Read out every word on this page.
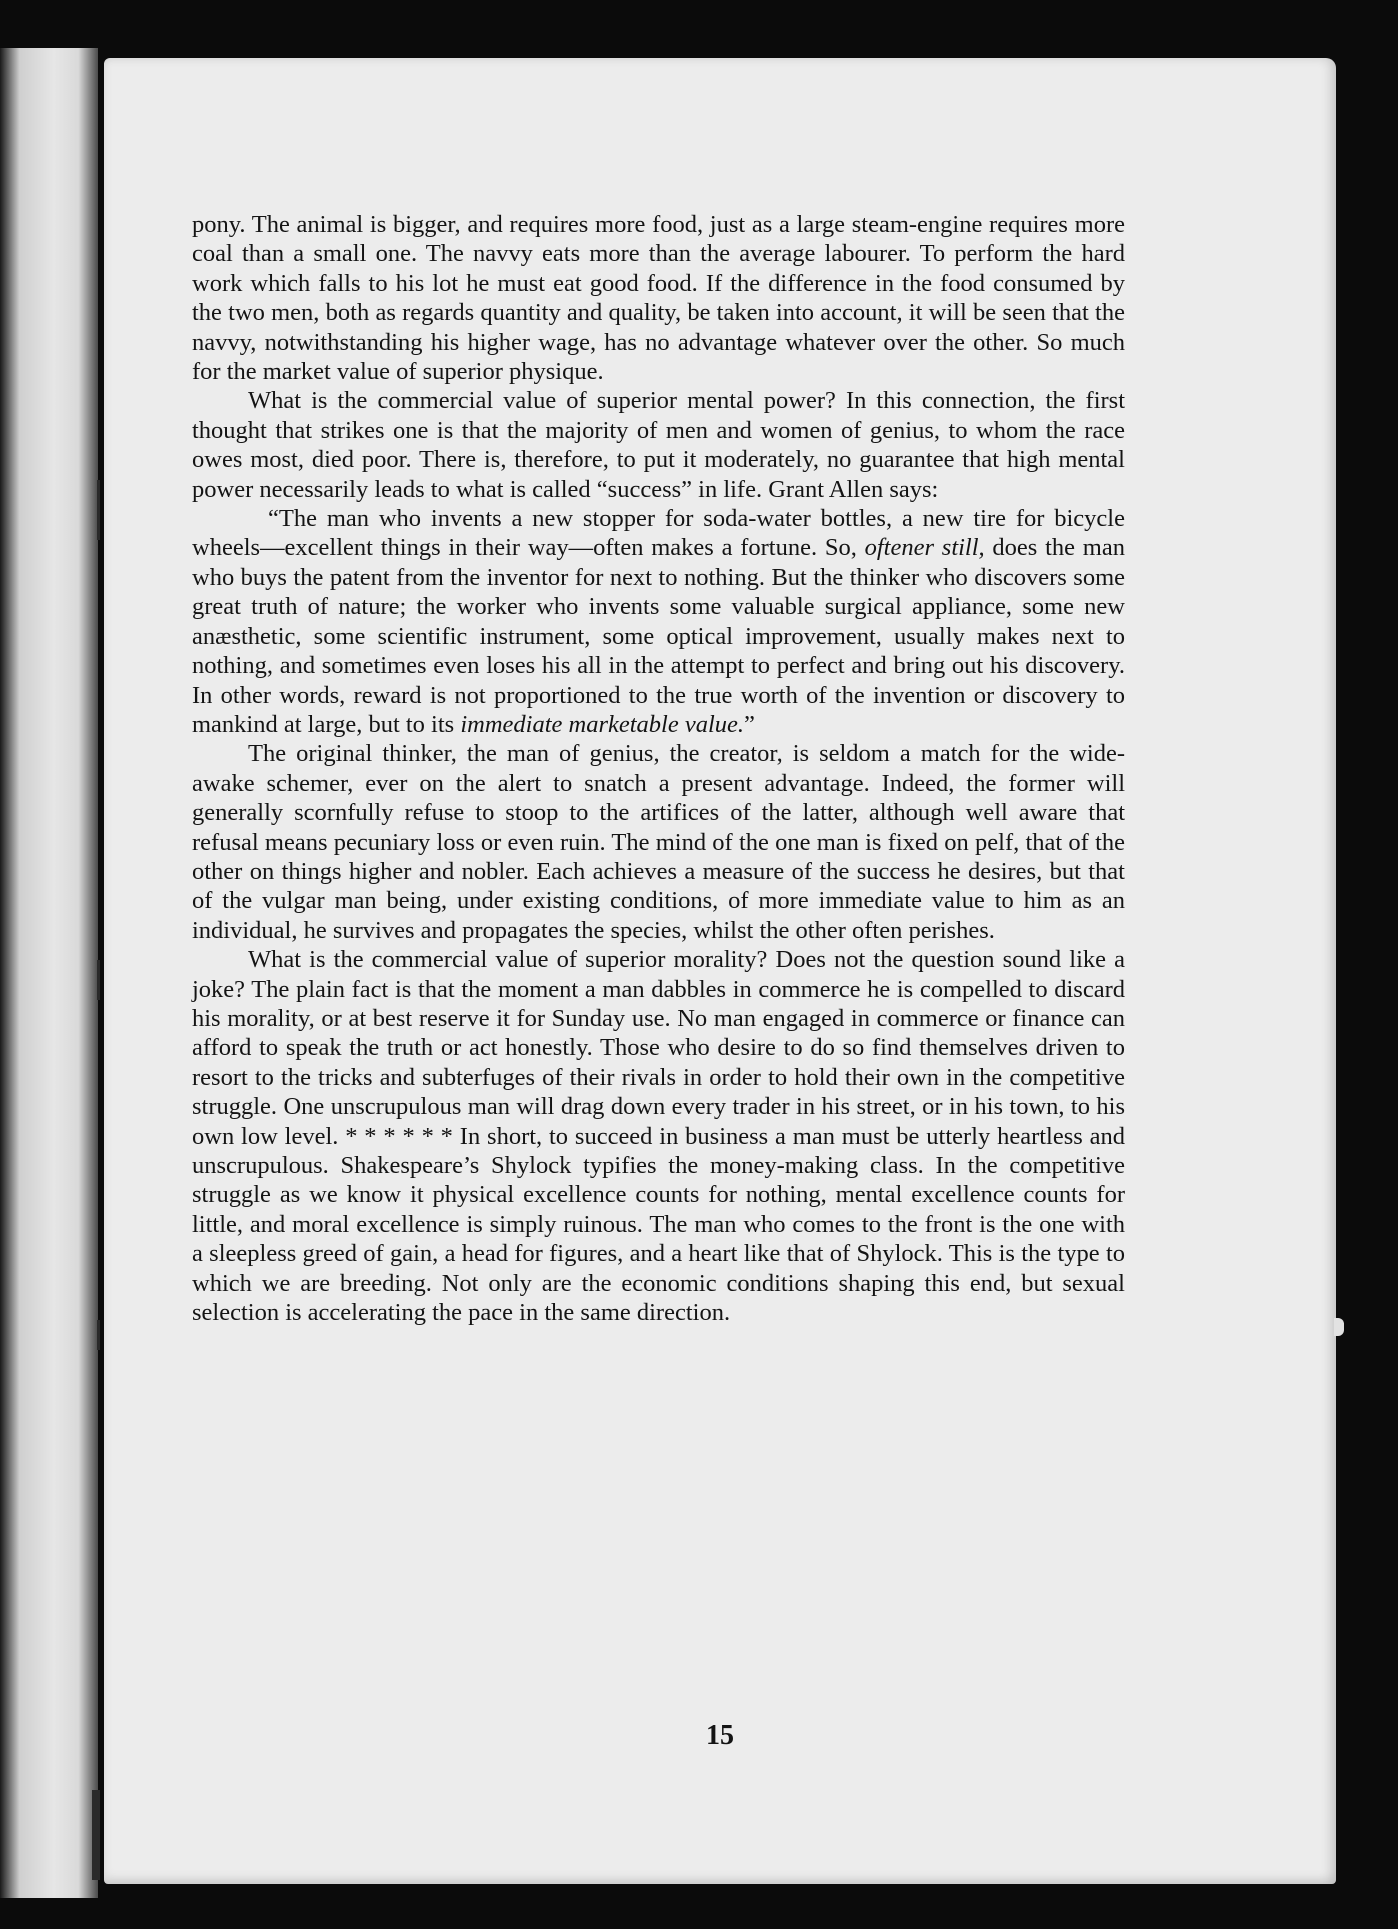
pony. The animal is bigger, and requires more food, just as a large steam-engine requires more coal than a small one. The navvy eats more than the average labourer. To perform the hard work which falls to his lot he must eat good food. If the difference in the food consumed by the two men, both as regards quantity and quality, be taken into account, it will be seen that the navvy, notwithstanding his higher wage, has no advantage whatever over the other. So much for the market value of superior physique.

What is the commercial value of superior mental power? In this connection, the first thought that strikes one is that the majority of men and women of genius, to whom the race owes most, died poor. There is, therefore, to put it moderately, no guarantee that high mental power necessarily leads to what is called “success” in life. Grant Allen says:

“The man who invents a new stopper for soda-water bottles, a new tire for bicycle wheels—excellent things in their way—often makes a fortune. So, oftener still, does the man who buys the patent from the inventor for next to nothing. But the thinker who discovers some great truth of nature; the worker who invents some valuable surgical appliance, some new anæsthetic, some scientific instrument, some optical improvement, usually makes next to nothing, and sometimes even loses his all in the attempt to perfect and bring out his discovery. In other words, reward is not proportioned to the true worth of the invention or discovery to mankind at large, but to its immediate marketable value.”

The original thinker, the man of genius, the creator, is seldom a match for the wide-awake schemer, ever on the alert to snatch a present advantage. Indeed, the former will generally scornfully refuse to stoop to the artifices of the latter, although well aware that refusal means pecuniary loss or even ruin. The mind of the one man is fixed on pelf, that of the other on things higher and nobler. Each achieves a measure of the success he desires, but that of the vulgar man being, under existing conditions, of more immediate value to him as an individual, he survives and propagates the species, whilst the other often perishes.

What is the commercial value of superior morality? Does not the question sound like a joke? The plain fact is that the moment a man dabbles in commerce he is compelled to discard his morality, or at best reserve it for Sunday use. No man engaged in commerce or finance can afford to speak the truth or act honestly. Those who desire to do so find themselves driven to resort to the tricks and subterfuges of their rivals in order to hold their own in the competitive struggle. One unscrupulous man will drag down every trader in his street, or in his town, to his own low level. * * * * * * In short, to succeed in business a man must be utterly heartless and unscrupulous. Shakespeare’s Shylock typifies the money-making class. In the competitive struggle as we know it physical excellence counts for nothing, mental excellence counts for little, and moral excellence is simply ruinous. The man who comes to the front is the one with a sleepless greed of gain, a head for figures, and a heart like that of Shylock. This is the type to which we are breeding. Not only are the economic conditions shaping this end, but sexual selection is accelerating the pace in the same direction.

15
